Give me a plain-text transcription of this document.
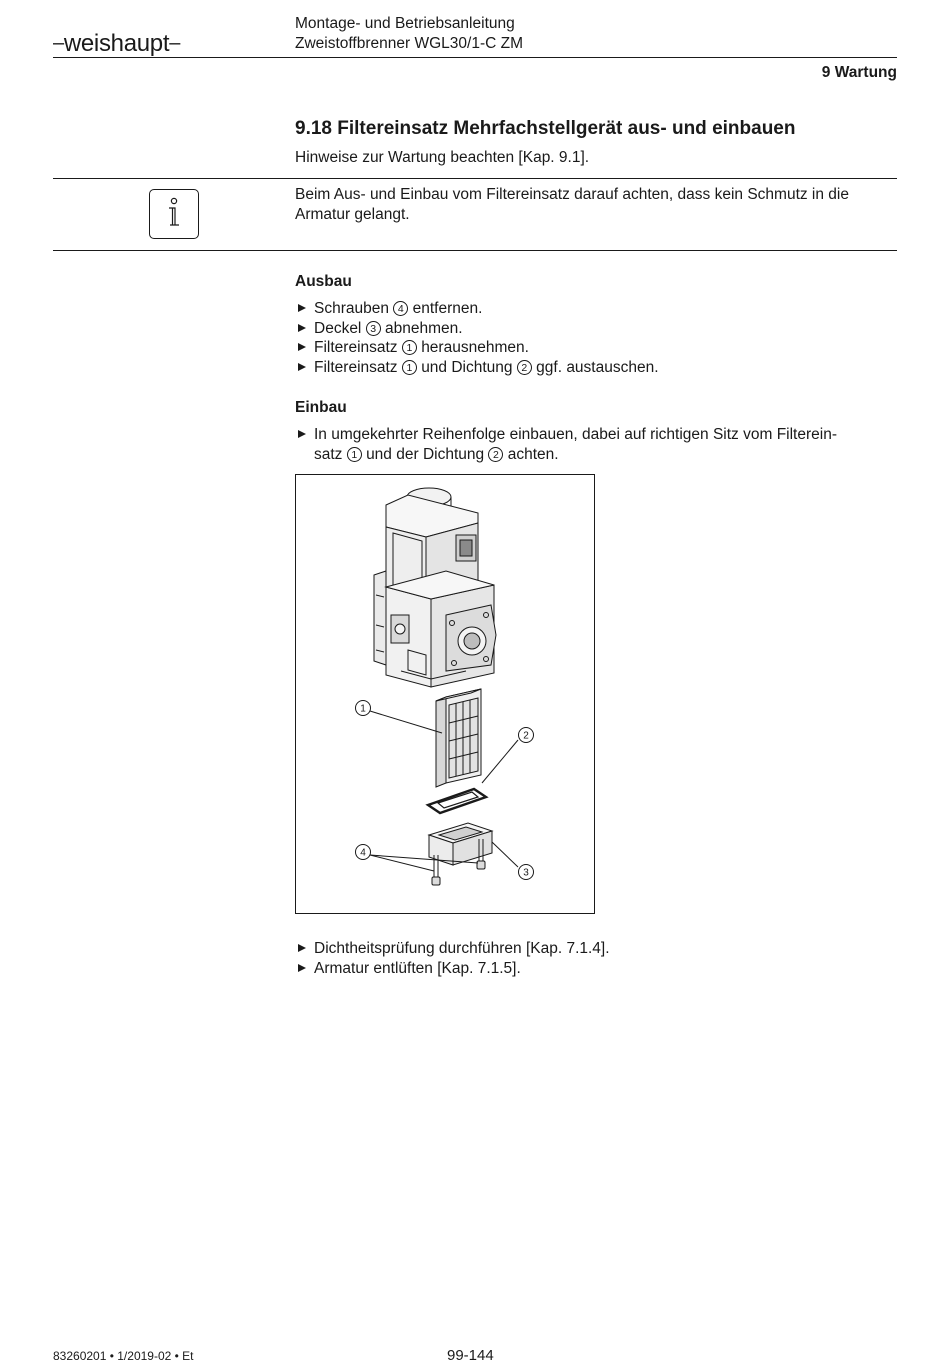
–weishaupt–
Montage- und Betriebsanleitung
Zweistoffbrenner WGL30/1-C ZM
9 Wartung
9.18 Filtereinsatz Mehrfachstellgerät aus- und einbauen
Hinweise zur Wartung beachten [Kap. 9.1].
Beim Aus- und Einbau vom Filtereinsatz darauf achten, dass kein Schmutz in die Armatur gelangt.
Ausbau
Schrauben 4 entfernen.
Deckel 3 abnehmen.
Filtereinsatz 1 herausnehmen.
Filtereinsatz 1 und Dichtung 2 ggf. austauschen.
Einbau
In umgekehrter Reihenfolge einbauen, dabei auf richtigen Sitz vom Filterein-
satz 1 und der Dichtung 2 achten.
1
2
3
4
Dichtheitsprüfung durchführen [Kap. 7.1.4].
Armatur entlüften [Kap. 7.1.5].
83260201 • 1/2019-02 • Et	99-144
